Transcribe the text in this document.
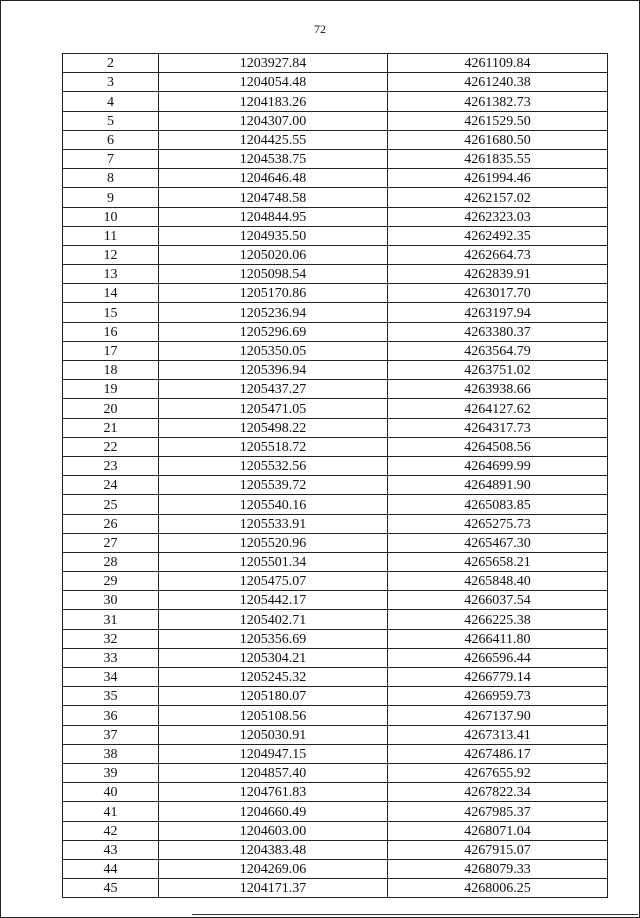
72
2	1203927.84	4261109.84
3	1204054.48	4261240.38
4	1204183.26	4261382.73
5	1204307.00	4261529.50
6	1204425.55	4261680.50
7	1204538.75	4261835.55
8	1204646.48	4261994.46
9	1204748.58	4262157.02
10	1204844.95	4262323.03
11	1204935.50	4262492.35
12	1205020.06	4262664.73
13	1205098.54	4262839.91
14	1205170.86	4263017.70
15	1205236.94	4263197.94
16	1205296.69	4263380.37
17	1205350.05	4263564.79
18	1205396.94	4263751.02
19	1205437.27	4263938.66
20	1205471.05	4264127.62
21	1205498.22	4264317.73
22	1205518.72	4264508.56
23	1205532.56	4264699.99
24	1205539.72	4264891.90
25	1205540.16	4265083.85
26	1205533.91	4265275.73
27	1205520.96	4265467.30
28	1205501.34	4265658.21
29	1205475.07	4265848.40
30	1205442.17	4266037.54
31	1205402.71	4266225.38
32	1205356.69	4266411.80
33	1205304.21	4266596.44
34	1205245.32	4266779.14
35	1205180.07	4266959.73
36	1205108.56	4267137.90
37	1205030.91	4267313.41
38	1204947.15	4267486.17
39	1204857.40	4267655.92
40	1204761.83	4267822.34
41	1204660.49	4267985.37
42	1204603.00	4268071.04
43	1204383.48	4267915.07
44	1204269.06	4268079.33
45	1204171.37	4268006.25
